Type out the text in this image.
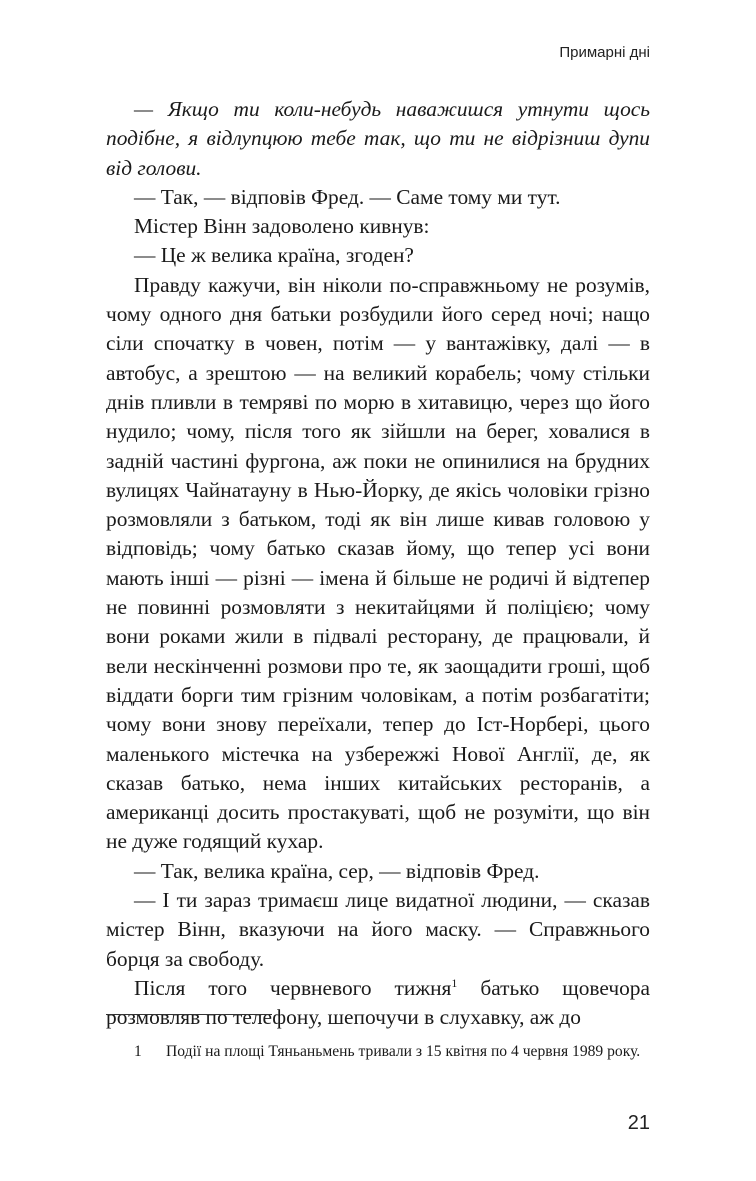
Примарні дні

— Якщо ти коли-небудь наважишся утнути щось подібне, я відлупцюю тебе так, що ти не відрізниш дупи від голови.

— Так, — відповів Фред. — Саме тому ми тут.

Містер Вінн задоволено кивнув:

— Це ж велика країна, згоден?

Правду кажучи, він ніколи по-справжньому не розумів, чому одного дня батьки розбудили його серед ночі; нащо сіли спочатку в човен, потім — у вантажівку, далі — в автобус, а зрештою — на великий корабель; чому стільки днів пливли в темряві по морю в хитавицю, через що його нудило; чому, після того як зійшли на берег, ховалися в задній частині фургона, аж поки не опинилися на брудних вулицях Чайнатауну в Нью-Йорку, де якісь чоловіки грізно розмовляли з батьком, тоді як він лише кивав головою у відповідь; чому батько сказав йому, що тепер усі вони мають інші — різні — імена й більше не родичі й відтепер не повинні розмовляти з некитайцями й поліцією; чому вони роками жили в підвалі ресторану, де працювали, й вели нескінченні розмови про те, як заощадити гроші, щоб віддати борги тим грізним чоловікам, а потім розбагатіти; чому вони знову переїхали, тепер до Іст-Норбері, цього маленького містечка на узбережжі Нової Англії, де, як сказав батько, нема інших китайських ресторанів, а американці досить простакуваті, щоб не розуміти, що він не дуже годящий кухар.

— Так, велика країна, сер, — відповів Фред.

— І ти зараз тримаєш лице видатної людини, — сказав містер Вінн, вказуючи на його маску. — Справжнього борця за свободу.

Після того червневого тижня$^1$ батько щовечора розмовляв по телефону, шепочучи в слухавку, аж до

1	Події на площі Тяньаньмень тривали з 15 квітня по 4 червня 1989 року.
21
